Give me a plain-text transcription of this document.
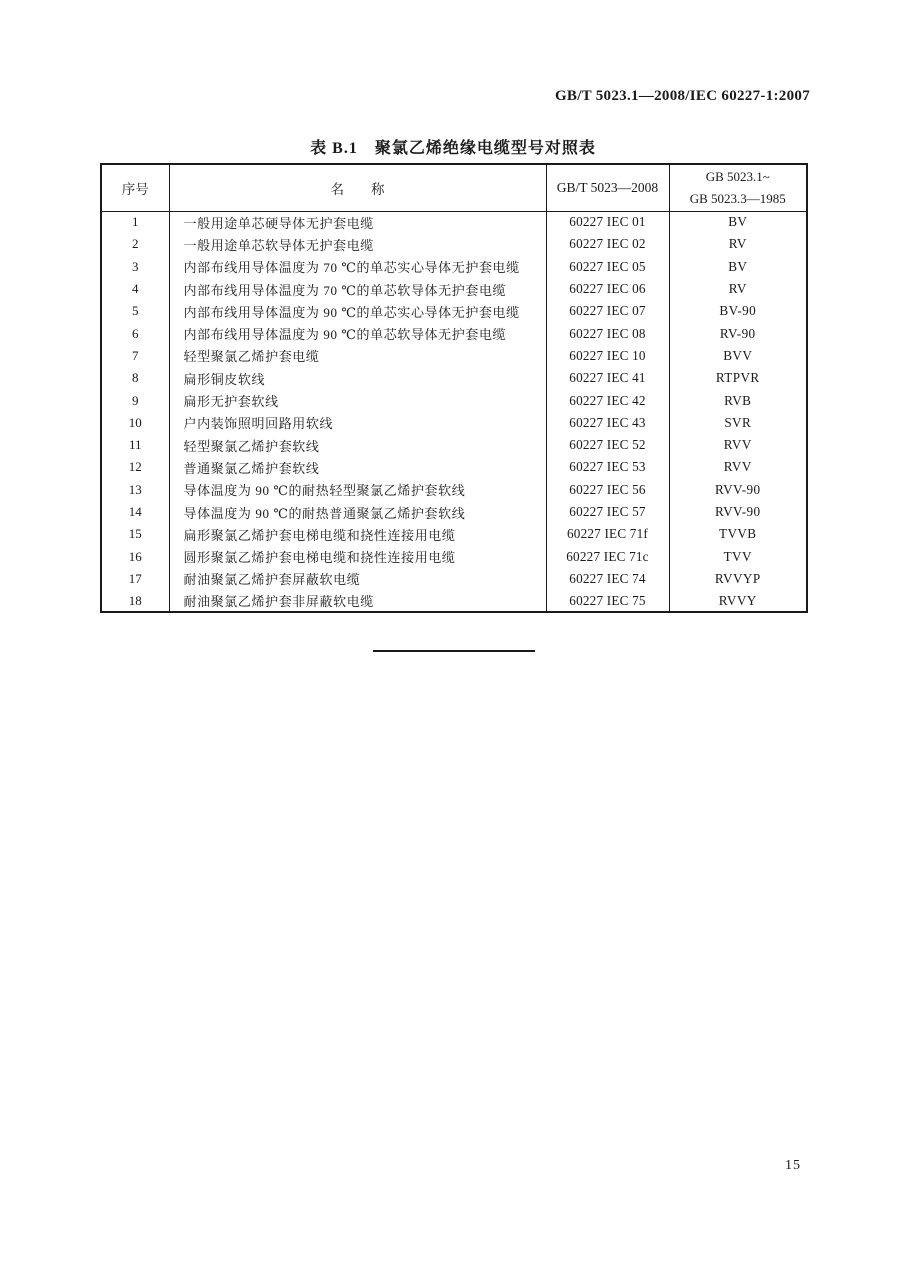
GB/T 5023.1—2008/IEC 60227-1:2007
表 B.1　聚氯乙烯绝缘电缆型号对照表
序号	名　　称	GB/T 5023—2008	GB 5023.1~
GB 5023.3—1985

1	一般用途单芯硬导体无护套电缆	60227 IEC 01	BV
2	一般用途单芯软导体无护套电缆	60227 IEC 02	RV
3	内部布线用导体温度为 70 ℃的单芯实心导体无护套电缆	60227 IEC 05	BV
4	内部布线用导体温度为 70 ℃的单芯软导体无护套电缆	60227 IEC 06	RV
5	内部布线用导体温度为 90 ℃的单芯实心导体无护套电缆	60227 IEC 07	BV-90
6	内部布线用导体温度为 90 ℃的单芯软导体无护套电缆	60227 IEC 08	RV-90
7	轻型聚氯乙烯护套电缆	60227 IEC 10	BVV
8	扁形铜皮软线	60227 IEC 41	RTPVR
9	扁形无护套软线	60227 IEC 42	RVB
10	户内装饰照明回路用软线	60227 IEC 43	SVR
11	轻型聚氯乙烯护套软线	60227 IEC 52	RVV
12	普通聚氯乙烯护套软线	60227 IEC 53	RVV
13	导体温度为 90 ℃的耐热轻型聚氯乙烯护套软线	60227 IEC 56	RVV-90
14	导体温度为 90 ℃的耐热普通聚氯乙烯护套软线	60227 IEC 57	RVV-90
15	扁形聚氯乙烯护套电梯电缆和挠性连接用电缆	60227 IEC 71f	TVVB
16	圆形聚氯乙烯护套电梯电缆和挠性连接用电缆	60227 IEC 71c	TVV
17	耐油聚氯乙烯护套屏蔽软电缆	60227 IEC 74	RVVYP
18	耐油聚氯乙烯护套非屏蔽软电缆	60227 IEC 75	RVVY
15
